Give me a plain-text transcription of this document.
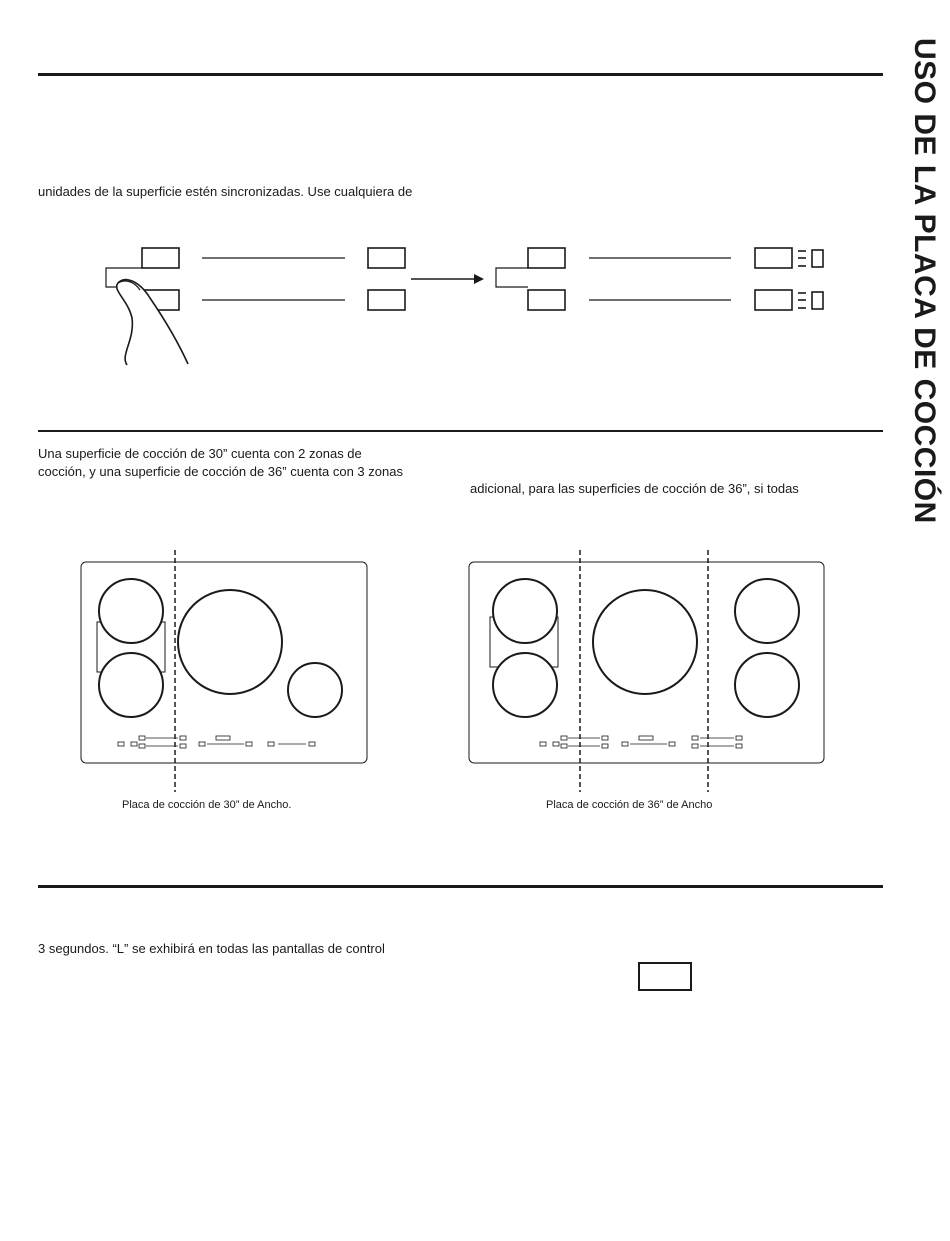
USO DE LA PLACA DE COCCIÓN
unidades de la superficie estén sincronizadas. Use cualquiera de
Una superficie de cocción de 30” cuenta con 2 zonas de
cocción, y una superficie de cocción de 36” cuenta con 3 zonas
adicional, para las superficies de cocción de 36”, si todas
Placa de cocción de 30” de Ancho.	Placa de cocción de 36” de Ancho
3 segundos. “L” se exhibirá en todas las pantallas de control
